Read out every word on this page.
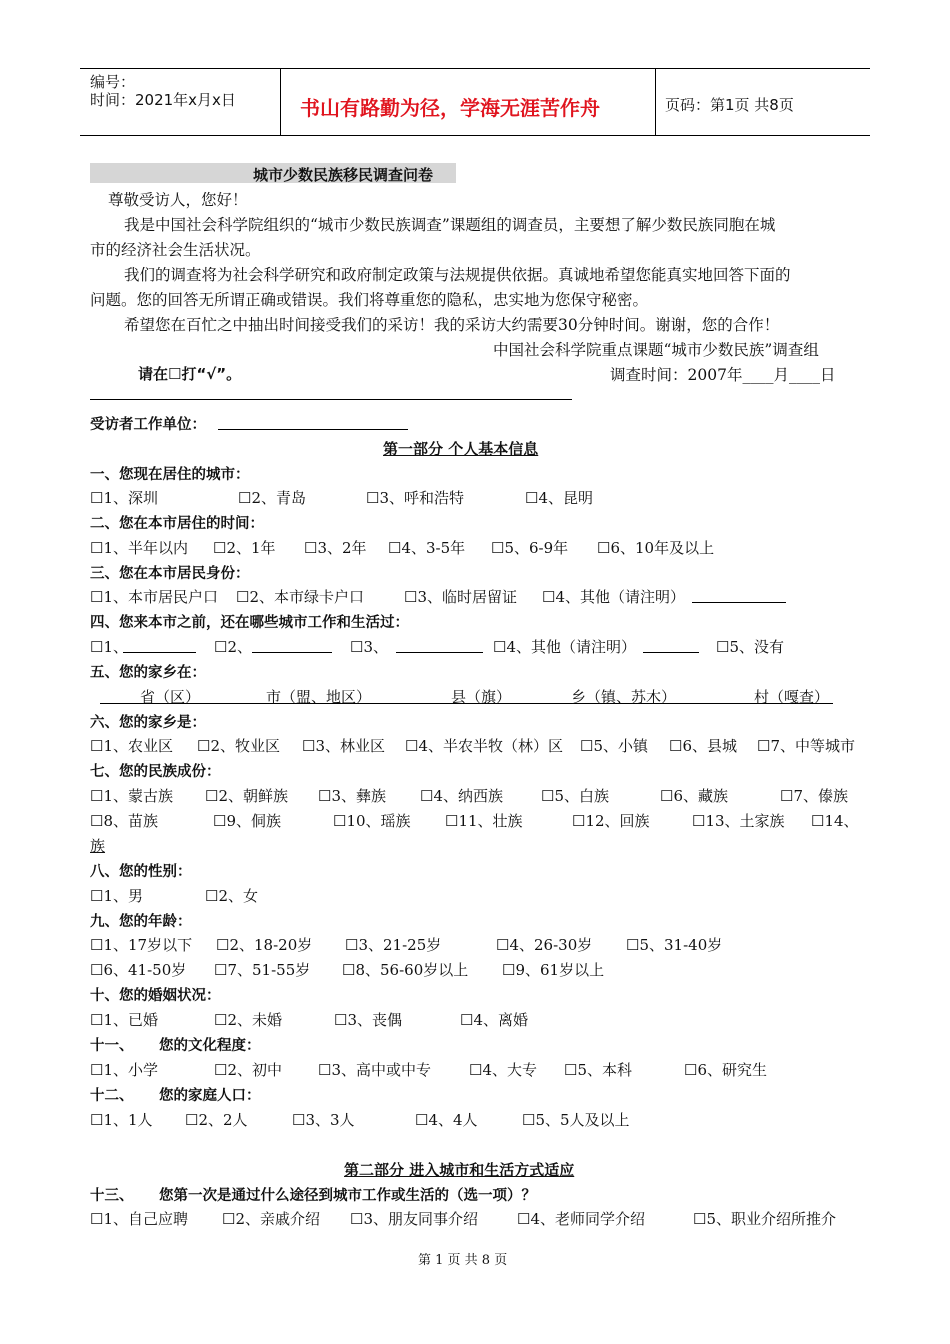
编号：
时间：2021年x月x日	书山有路勤为径，学海无涯苦作舟	页码：第1页 共8页
城市少数民族移民调查问卷
尊敬受访人，您好！
我是中国社会科学院组织的“城市少数民族调查”课题组的调查员，主要想了解少数民族同胞在城
市的经济社会生活状况。
我们的调查将为社会科学研究和政府制定政策与法规提供依据。真诚地希望您能真实地回答下面的
问题。您的回答无所谓正确或错误。我们将尊重您的隐私，忠实地为您保守秘密。
希望您在百忙之中抽出时间接受我们的采访！我的采访大约需要30分钟时间。谢谢，您的合作！
中国社会科学院重点课题“城市少数民族”调查组
请在☐打“√”。	调查时间：2007年____月____日
受访者工作单位：
第一部分 个人基本信息
一、您现在居住的城市：
☐1、深圳	☐2、青岛	☐3、呼和浩特	☐4、昆明
二、您在本市居住的时间：
☐1、半年以内 ☐2、1年 ☐3、2年 ☐4、3-5年 ☐5、6-9年 ☐6、10年及以上
三、您在本市居民身份：
☐1、本市居民户口 ☐2、本市绿卡户口	☐3、临时居留证 ☐4、其他（请注明）
四、您来本市之前，还在哪些城市工作和生活过：
☐1、	☐2、	☐3、	☐4、其他（请注明）	☐5、没有
五、您的家乡在：
省（区）	市（盟、地区）	县（旗）	乡（镇、苏木）	村（嘎查）
六、您的家乡是：
☐1、农业区 ☐2、牧业区 ☐3、林业区 ☐4、半农半牧（林）区 ☐5、小镇 ☐6、县城 ☐7、中等城市
七、您的民族成份：
☐1、蒙古族 ☐2、朝鲜族 ☐3、彝族 ☐4、纳西族	☐5、白族	☐6、藏族	☐7、傣族
☐8、苗族	☐9、侗族	☐10、瑶族 ☐11、壮族	☐12、回族	☐13、土家族 ☐14、
族
八、您的性别：
☐1、男	☐2、女
九、您的年龄：
☐1、17岁以下 ☐2、18-20岁 ☐3、21-25岁	☐4、26-30岁 ☐5、31-40岁
☐6、41-50岁 ☐7、51-55岁 ☐8、56-60岁以上 ☐9、61岁以上
十、您的婚姻状况：
☐1、已婚	☐2、未婚	☐3、丧偶	☐4、离婚
十一、 您的文化程度：
☐1、小学	☐2、初中 ☐3、高中或中专	☐4、大专 ☐5、本科	☐6、研究生
十二、 您的家庭人口：
☐1、1人 ☐2、2人	☐3、3人	☐4、4人	☐5、5人及以上
第二部分 进入城市和生活方式适应
十三、 您第一次是通过什么途径到城市工作或生活的（选一项）？
☐1、自己应聘 ☐2、亲戚介绍 ☐3、朋友同事介绍	☐4、老师同学介绍	☐5、职业介绍所推介
第 1 页 共 8 页
